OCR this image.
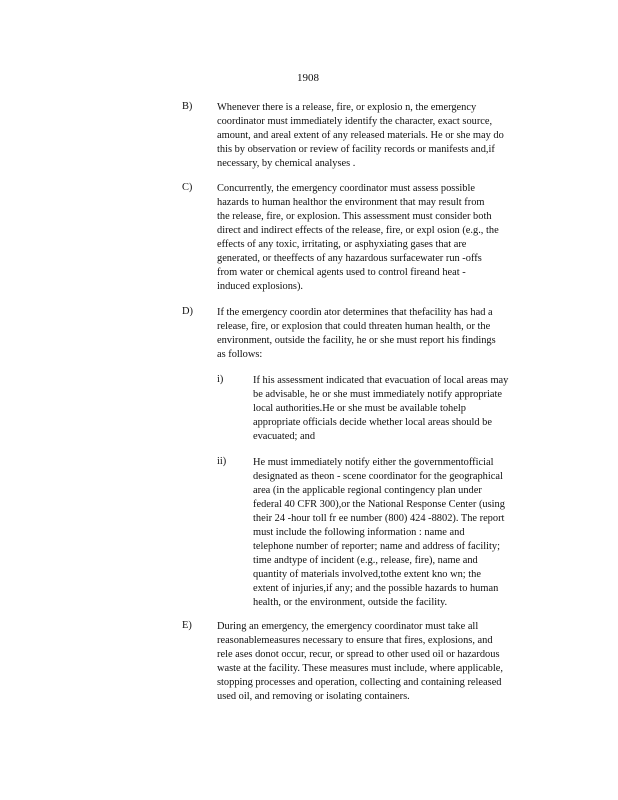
1908
B) Whenever there is a release, fire, or explosio n, the emergency
coordinator must immediately identify the character, exact source,
amount, and areal extent of any released materials. He or she may do
this by observation or review of facility records or manifests and,if
necessary, by chemical analyses .
C) Concurrently, the emergency coordinator must assess possible
hazards to human healthor the environment that may result from
the release, fire, or explosion. This assessment must consider both
direct and indirect effects of the release, fire, or expl osion (e.g., the
effects of any toxic, irritating, or asphyxiating gases that are
generated, or theeffects of any hazardous surfacewater run -offs
from water or chemical agents used to control fireand heat -
induced explosions).
D) If the emergency coordin ator determines that thefacility has had a
release, fire, or explosion that could threaten human health, or the
environment, outside the facility, he or she must report his findings
as follows:
i)	If his assessment indicated that evacuation of local areas may
be advisable, he or she must immediately notify appropriate
local authorities.He or she must be available tohelp
appropriate officials decide whether local areas should be
evacuated; and
ii)	He must immediately notify either the governmentofficial
designated as theon - scene coordinator for the geographical
area (in the applicable regional contingency plan under
federal 40 CFR 300),or the National Response Center (using
their 24 -hour toll fr ee number (800) 424 -8802). The report
must include the following information : name and
telephone number of reporter; name and address of facility;
time andtype of incident (e.g., release, fire), name and
quantity of materials involved,tothe extent kno wn; the
extent of injuries,if any; and the possible hazards to human
health, or the environment, outside the facility.
E) During an emergency, the emergency coordinator must take all
reasonablemeasures necessary to ensure that fires, explosions, and
rele ases donot occur, recur, or spread to other used oil or hazardous
waste at the facility. These measures must include, where applicable,
stopping processes and operation, collecting and containing released
used oil, and removing or isolating containers.
